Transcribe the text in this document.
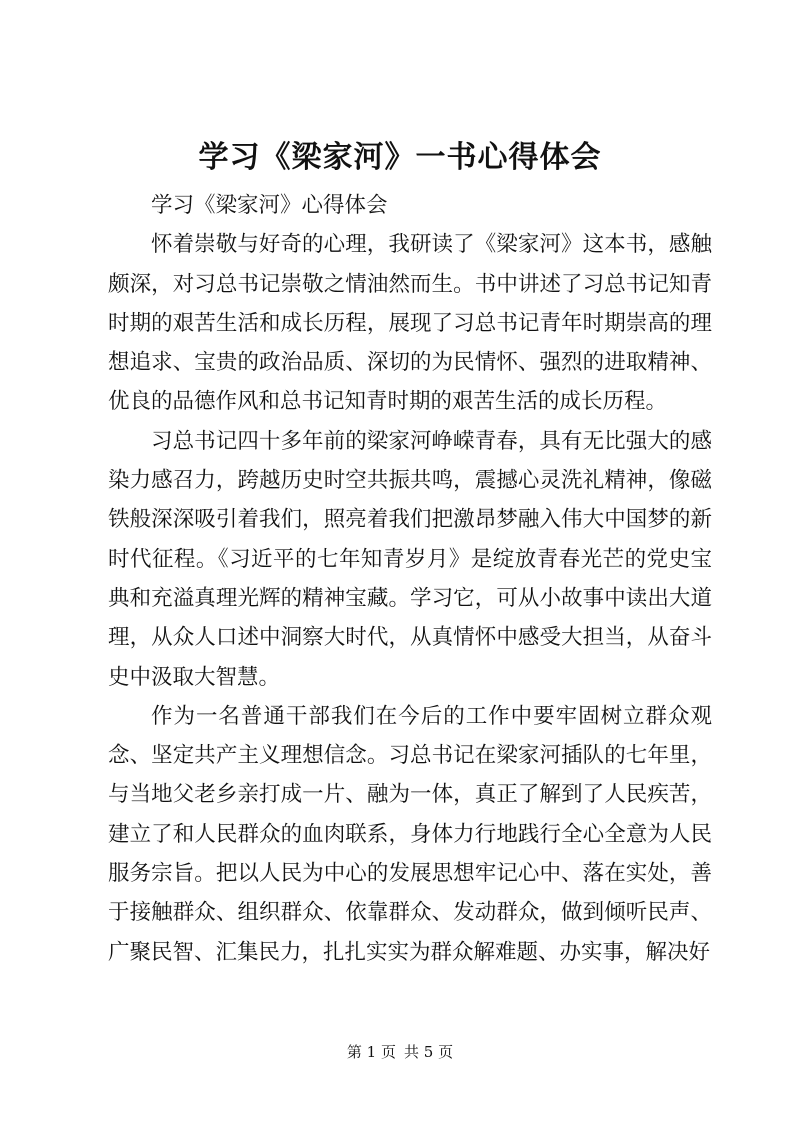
学习《梁家河》一书心得体会

学习《梁家河》心得体会

怀着崇敬与好奇的心理，我研读了《梁家河》这本书，感触颇深，对习总书记崇敬之情油然而生。书中讲述了习总书记知青时期的艰苦生活和成长历程，展现了习总书记青年时期崇高的理想追求、宝贵的政治品质、深切的为民情怀、强烈的进取精神、优良的品德作风和总书记知青时期的艰苦生活的成长历程。

习总书记四十多年前的梁家河峥嵘青春，具有无比强大的感染力感召力，跨越历史时空共振共鸣，震撼心灵洗礼精神，像磁铁般深深吸引着我们，照亮着我们把激昂梦融入伟大中国梦的新时代征程。《习近平的七年知青岁月》是绽放青春光芒的党史宝典和充溢真理光辉的精神宝藏。学习它，可从小故事中读出大道理，从众人口述中洞察大时代，从真情怀中感受大担当，从奋斗史中汲取大智慧。

作为一名普通干部我们在今后的工作中要牢固树立群众观念、坚定共产主义理想信念。习总书记在梁家河插队的七年里，与当地父老乡亲打成一片、融为一体，真正了解到了人民疾苦，建立了和人民群众的血肉联系，身体力行地践行全心全意为人民服务宗旨。把以人民为中心的发展思想牢记心中、落在实处，善于接触群众、组织群众、依靠群众、发动群众，做到倾听民声、广聚民智、汇集民力，扎扎实实为群众解难题、办实事，解决好

第 1 页 共 5 页
